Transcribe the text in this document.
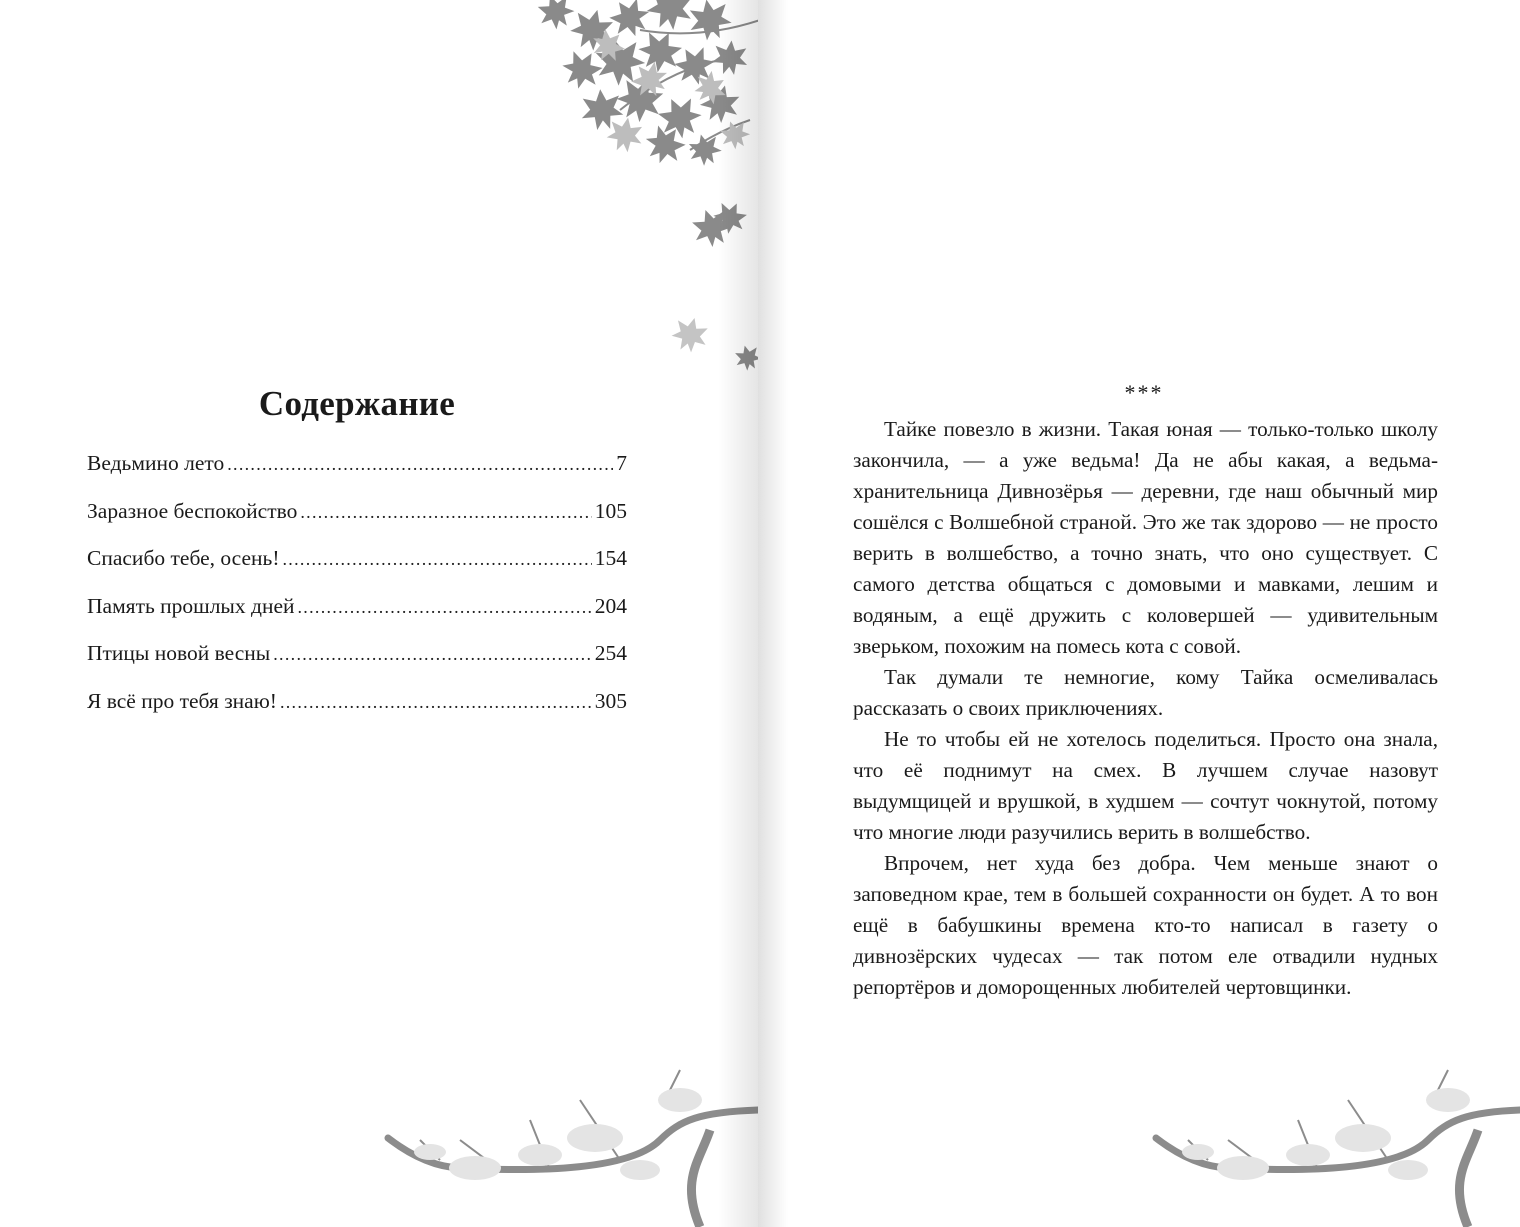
Содержание
Ведьмино лето .....	7
Заразное беспокойство .....	105
Спасибо тебе, осень! .....	154
Память прошлых дней .....	204
Птицы новой весны .....	254
Я всё про тебя знаю! .....	305
***

Тайке повезло в жизни. Такая юная — только-только школу закончила, — а уже ведьма! Да не абы какая, а ведьма-хранительница Дивнозёрья — деревни, где наш обычный мир сошёлся с Волшебной страной. Это же так здорово — не просто верить в волшебство, а точно знать, что оно существует. С самого детства общаться с домовыми и мавками, лешим и водяным, а ещё дружить с коловершей — удивительным зверьком, похожим на помесь кота с совой.

Так думали те немногие, кому Тайка осмеливалась рассказать о своих приключениях.

Не то чтобы ей не хотелось поделиться. Просто она знала, что её поднимут на смех. В лучшем случае назовут выдумщицей и врушкой, в худшем — сочтут чокнутой, потому что многие люди разучились верить в волшебство.

Впрочем, нет худа без добра. Чем меньше знают о заповедном крае, тем в большей сохранности он будет. А то вон ещё в бабушкины времена кто-то написал в газету о дивнозёрских чудесах — так потом еле отвадили нудных репортёров и доморощенных любителей чертовщинки.
